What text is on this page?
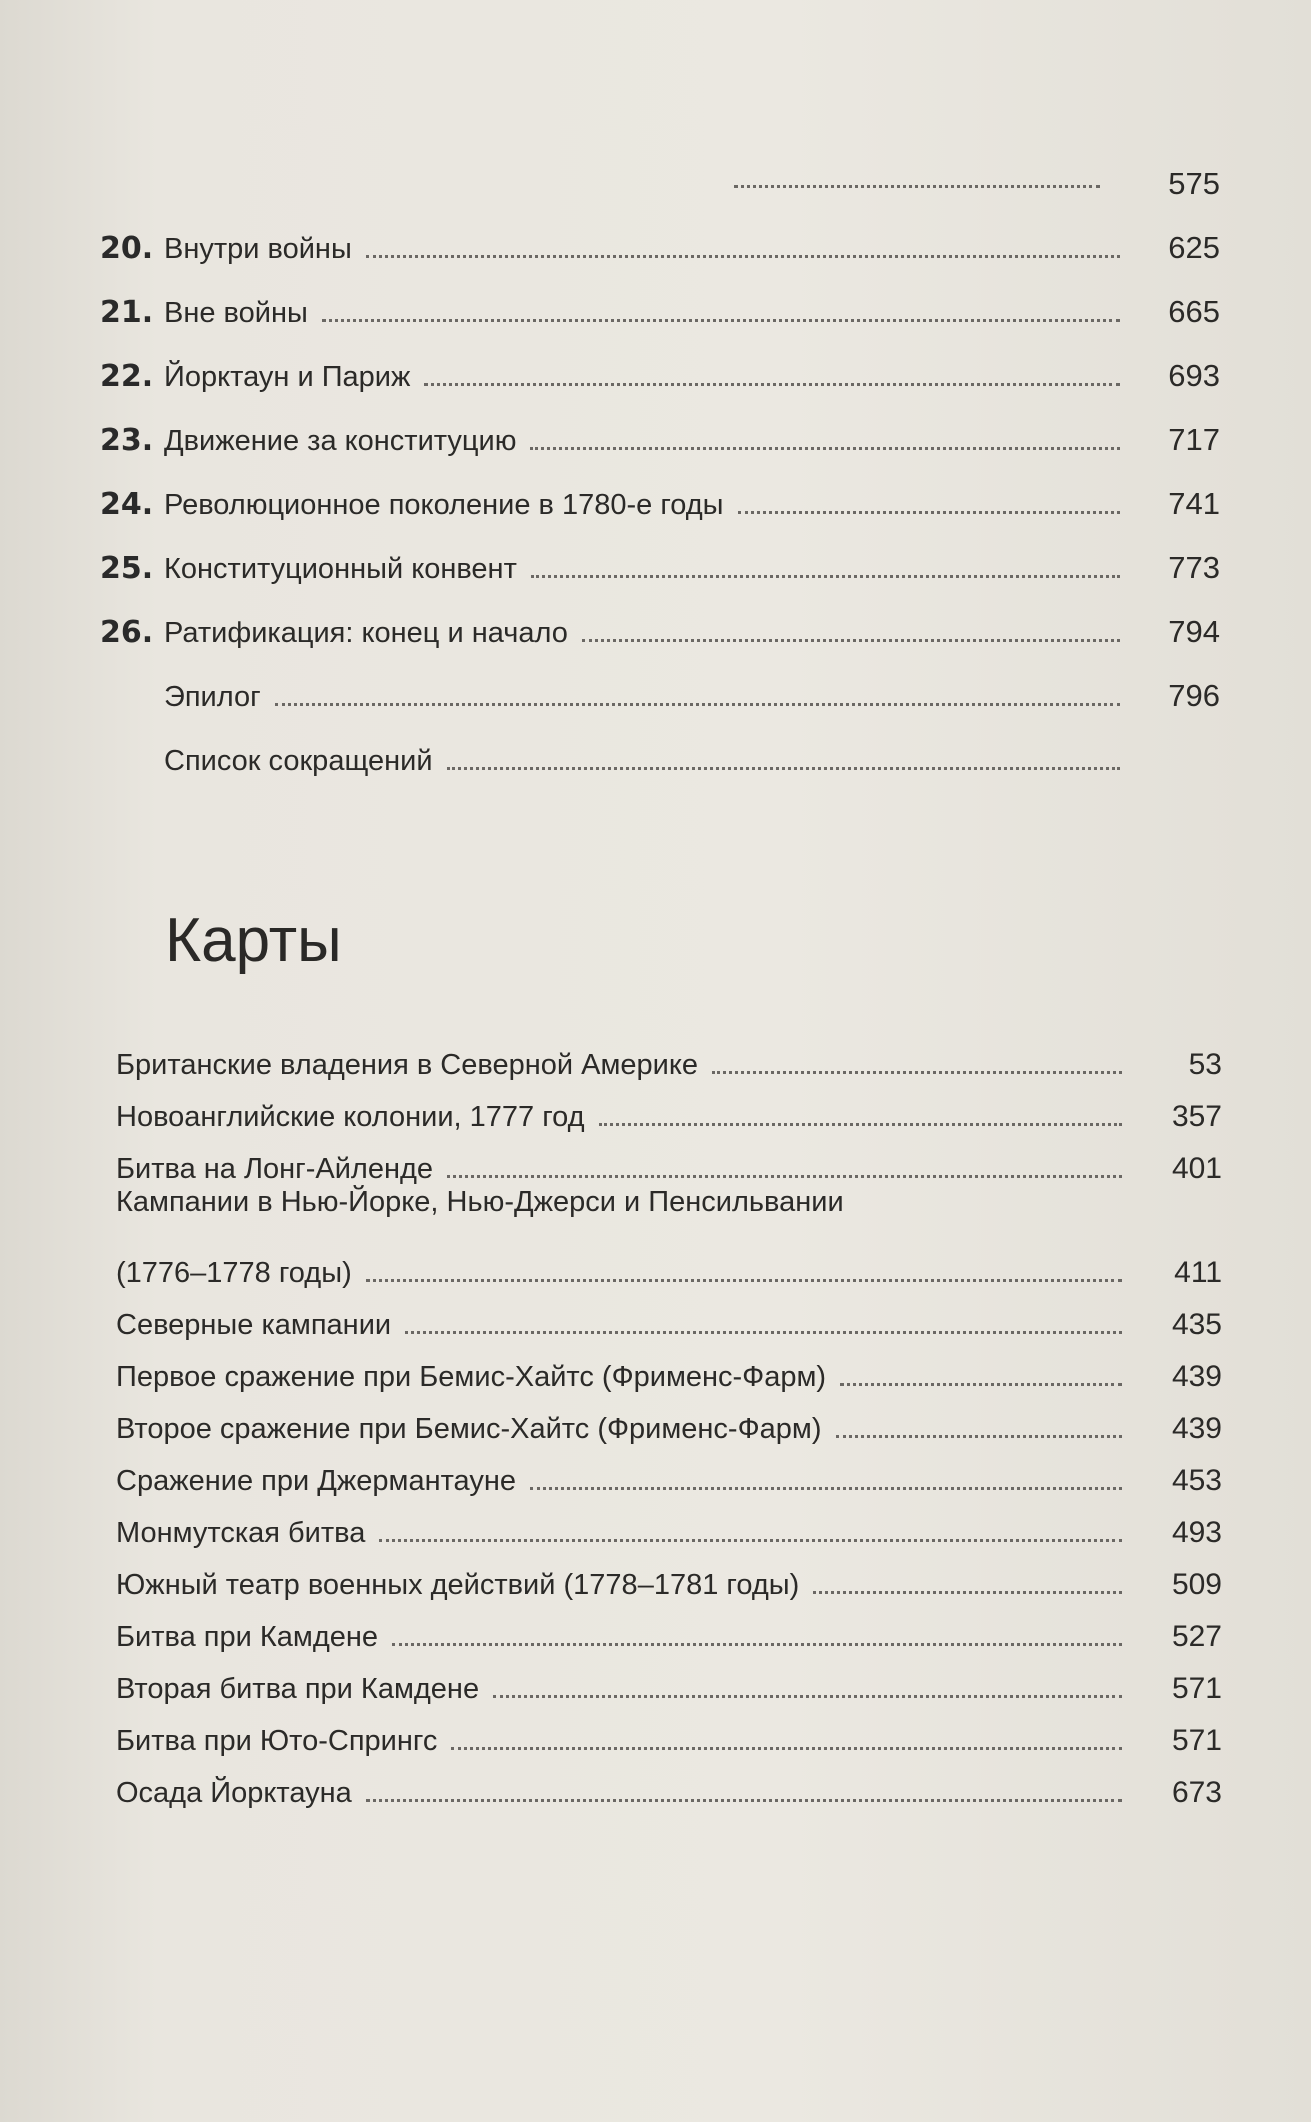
575
20. Внутри войны	625
21. Вне войны	665
22. Йорктаун и Париж	693
23. Движение за конституцию	717
24. Революционное поколение в 1780-е годы	741
25. Конституционный конвент	773
26. Ратификация: конец и начало	794
Эпилог	796
Список сокращений
Карты
Британские владения в Северной Америке	53
Новоанглийские колонии, 1777 год	357
Битва на Лонг-Айленде	401
Кампании в Нью-Йорке, Нью-Джерси и Пенсильвании
(1776–1778 годы)	411
Северные кампании	435
Первое сражение при Бемис-Хайтс (Фрименс-Фарм)	439
Второе сражение при Бемис-Хайтс (Фрименс-Фарм)	439
Сражение при Джермантауне	453
Монмутская битва	493
Южный театр военных действий (1778–1781 годы)	509
Битва при Камдене	527
Вторая битва при Камдене	571
Битва при Юто-Спрингс	571
Осада Йорктауна	673
